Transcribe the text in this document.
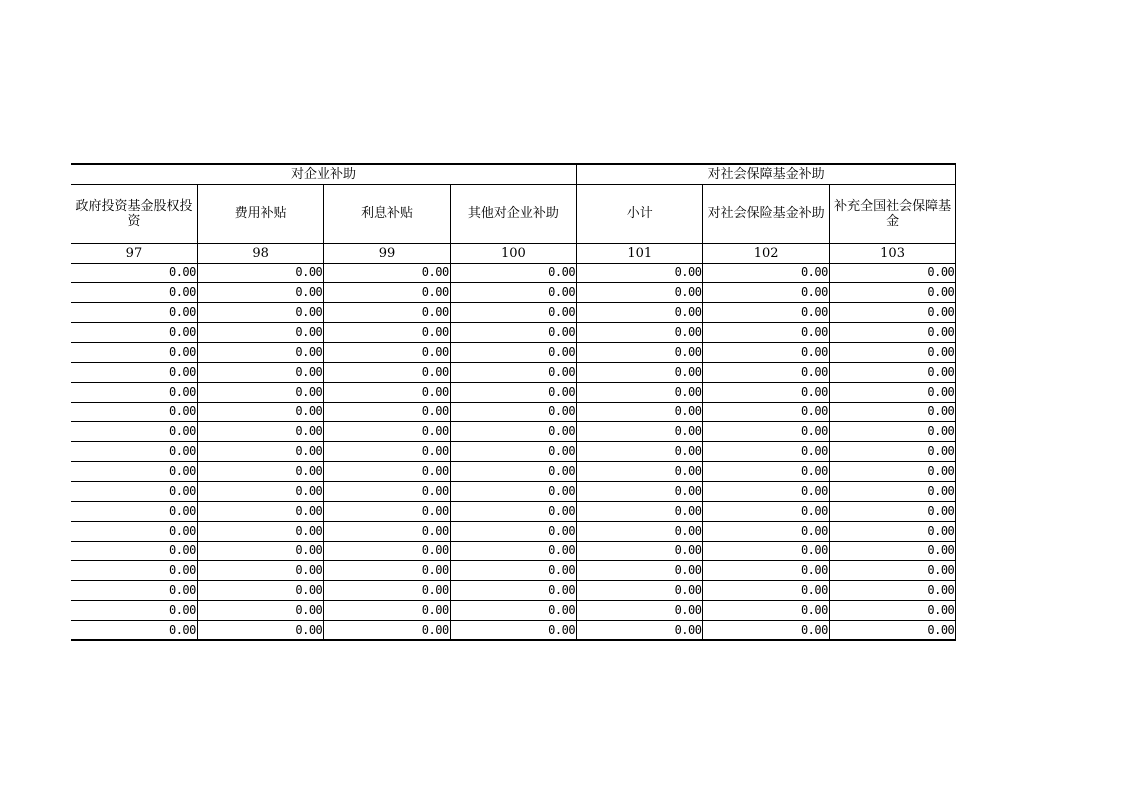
对企业补助				对社会保障基金补助		
政府投资基金股权投资	费用补贴	利息补贴	其他对企业补助	小计	对社会保险基金补助	补充全国社会保障基金
97	98	99	100	101	102	103
0.00	0.00	0.00	0.00	0.00	0.00	0.00
0.00	0.00	0.00	0.00	0.00	0.00	0.00
0.00	0.00	0.00	0.00	0.00	0.00	0.00
0.00	0.00	0.00	0.00	0.00	0.00	0.00
0.00	0.00	0.00	0.00	0.00	0.00	0.00
0.00	0.00	0.00	0.00	0.00	0.00	0.00
0.00	0.00	0.00	0.00	0.00	0.00	0.00
0.00	0.00	0.00	0.00	0.00	0.00	0.00
0.00	0.00	0.00	0.00	0.00	0.00	0.00
0.00	0.00	0.00	0.00	0.00	0.00	0.00
0.00	0.00	0.00	0.00	0.00	0.00	0.00
0.00	0.00	0.00	0.00	0.00	0.00	0.00
0.00	0.00	0.00	0.00	0.00	0.00	0.00
0.00	0.00	0.00	0.00	0.00	0.00	0.00
0.00	0.00	0.00	0.00	0.00	0.00	0.00
0.00	0.00	0.00	0.00	0.00	0.00	0.00
0.00	0.00	0.00	0.00	0.00	0.00	0.00
0.00	0.00	0.00	0.00	0.00	0.00	0.00
0.00	0.00	0.00	0.00	0.00	0.00	0.00
